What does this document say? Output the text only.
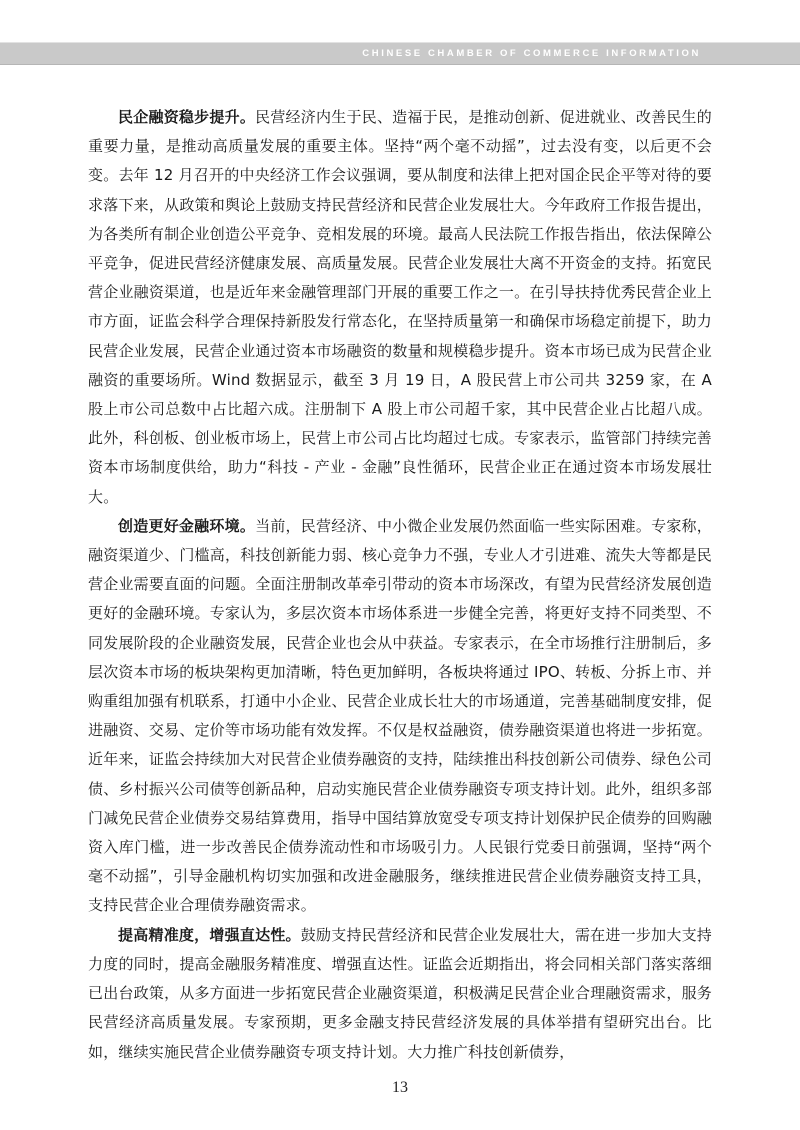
CHINESE CHAMBER OF COMMERCE INFORMATION

民企融资稳步提升。民营经济内生于民、造福于民，是推动创新、促进就业、改善民生的重要力量，是推动高质量发展的重要主体。坚持“两个毫不动摇”，过去没有变，以后更不会变。去年 12 月召开的中央经济工作会议强调，要从制度和法律上把对国企民企平等对待的要求落下来，从政策和舆论上鼓励支持民营经济和民营企业发展壮大。今年政府工作报告提出，为各类所有制企业创造公平竞争、竞相发展的环境。最高人民法院工作报告指出，依法保障公平竞争，促进民营经济健康发展、高质量发展。民营企业发展壮大离不开资金的支持。拓宽民营企业融资渠道，也是近年来金融管理部门开展的重要工作之一。在引导扶持优秀民营企业上市方面，证监会科学合理保持新股发行常态化，在坚持质量第一和确保市场稳定前提下，助力民营企业发展，民营企业通过资本市场融资的数量和规模稳步提升。资本市场已成为民营企业融资的重要场所。Wind 数据显示，截至 3 月 19 日，A 股民营上市公司共 3259 家，在 A 股上市公司总数中占比超六成。注册制下 A 股上市公司超千家，其中民营企业占比超八成。此外，科创板、创业板市场上，民营上市公司占比均超过七成。专家表示，监管部门持续完善资本市场制度供给，助力“科技 - 产业 - 金融”良性循环，民营企业正在通过资本市场发展壮大。

创造更好金融环境。当前，民营经济、中小微企业发展仍然面临一些实际困难。专家称，融资渠道少、门槛高，科技创新能力弱、核心竞争力不强，专业人才引进难、流失大等都是民营企业需要直面的问题。全面注册制改革牵引带动的资本市场深改，有望为民营经济发展创造更好的金融环境。专家认为，多层次资本市场体系进一步健全完善，将更好支持不同类型、不同发展阶段的企业融资发展，民营企业也会从中获益。专家表示，在全市场推行注册制后，多层次资本市场的板块架构更加清晰，特色更加鲜明，各板块将通过 IPO、转板、分拆上市、并购重组加强有机联系，打通中小企业、民营企业成长壮大的市场通道，完善基础制度安排，促进融资、交易、定价等市场功能有效发挥。不仅是权益融资，债券融资渠道也将进一步拓宽。近年来，证监会持续加大对民营企业债券融资的支持，陆续推出科技创新公司债券、绿色公司债、乡村振兴公司债等创新品种，启动实施民营企业债券融资专项支持计划。此外，组织多部门减免民营企业债券交易结算费用，指导中国结算放宽受专项支持计划保护民企债券的回购融资入库门槛，进一步改善民企债券流动性和市场吸引力。人民银行党委日前强调，坚持“两个毫不动摇”，引导金融机构切实加强和改进金融服务，继续推进民营企业债券融资支持工具，支持民营企业合理债券融资需求。

提高精准度，增强直达性。鼓励支持民营经济和民营企业发展壮大，需在进一步加大支持力度的同时，提高金融服务精准度、增强直达性。证监会近期指出，将会同相关部门落实落细已出台政策，从多方面进一步拓宽民营企业融资渠道，积极满足民营企业合理融资需求，服务民营经济高质量发展。专家预期，更多金融支持民营经济发展的具体举措有望研究出台。比如，继续实施民营企业债券融资专项支持计划。大力推广科技创新债券，

13
